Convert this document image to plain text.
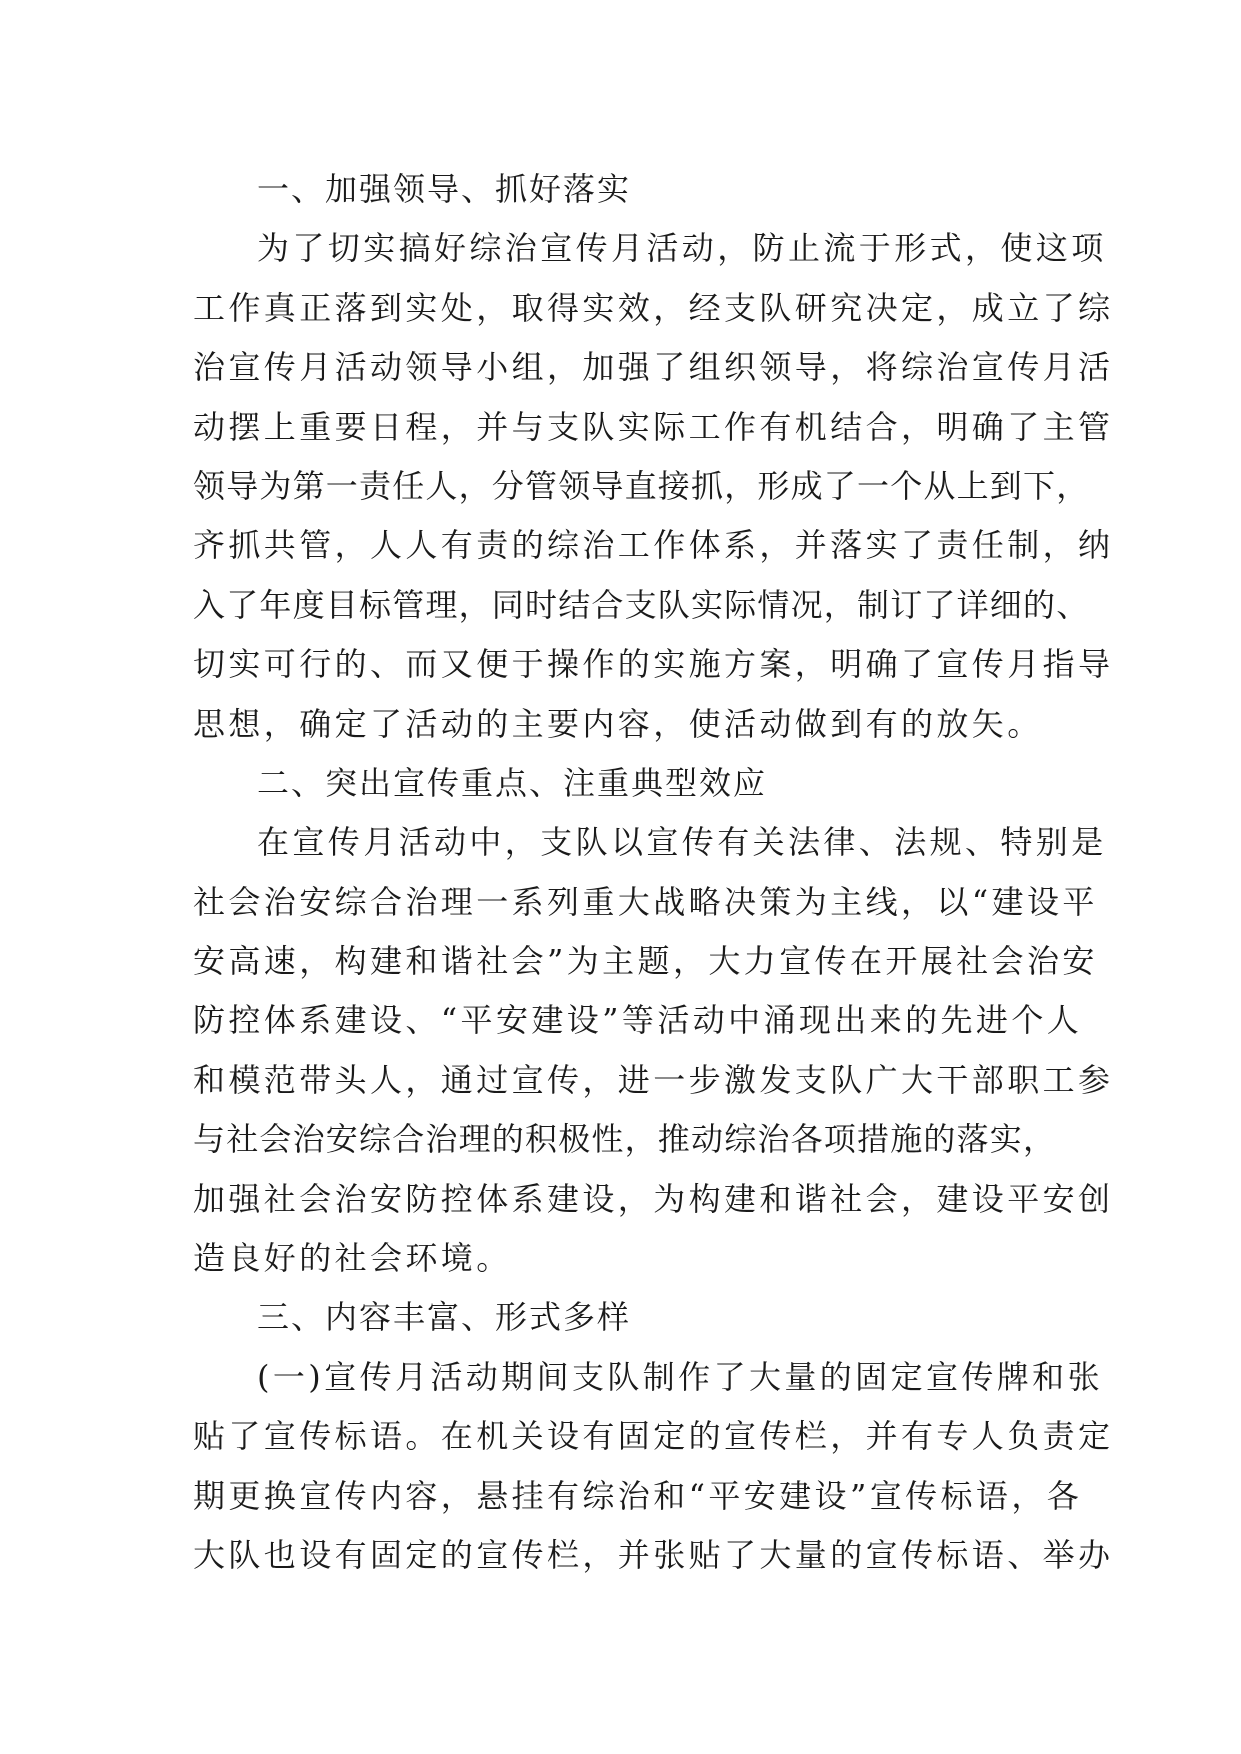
一、加强领导、抓好落实
为了切实搞好综治宣传月活动，防止流于形式，使这项
工作真正落到实处，取得实效，经支队研究决定，成立了综
治宣传月活动领导小组，加强了组织领导，将综治宣传月活
动摆上重要日程，并与支队实际工作有机结合，明确了主管
领导为第一责任人，分管领导直接抓，形成了一个从上到下，
齐抓共管，人人有责的综治工作体系，并落实了责任制，纳
入了年度目标管理，同时结合支队实际情况，制订了详细的、
切实可行的、而又便于操作的实施方案，明确了宣传月指导
思想，确定了活动的主要内容，使活动做到有的放矢。
二、突出宣传重点、注重典型效应
在宣传月活动中，支队以宣传有关法律、法规、特别是
社会治安综合治理一系列重大战略决策为主线，以“建设平
安高速，构建和谐社会”为主题，大力宣传在开展社会治安
防控体系建设、“平安建设”等活动中涌现出来的先进个人
和模范带头人，通过宣传，进一步激发支队广大干部职工参
与社会治安综合治理的积极性，推动综治各项措施的落实，
加强社会治安防控体系建设，为构建和谐社会，建设平安创
造良好的社会环境。
三、内容丰富、形式多样
(一)宣传月活动期间支队制作了大量的固定宣传牌和张
贴了宣传标语。在机关设有固定的宣传栏，并有专人负责定
期更换宣传内容，悬挂有综治和“平安建设”宣传标语，各
大队也设有固定的宣传栏，并张贴了大量的宣传标语、举办
